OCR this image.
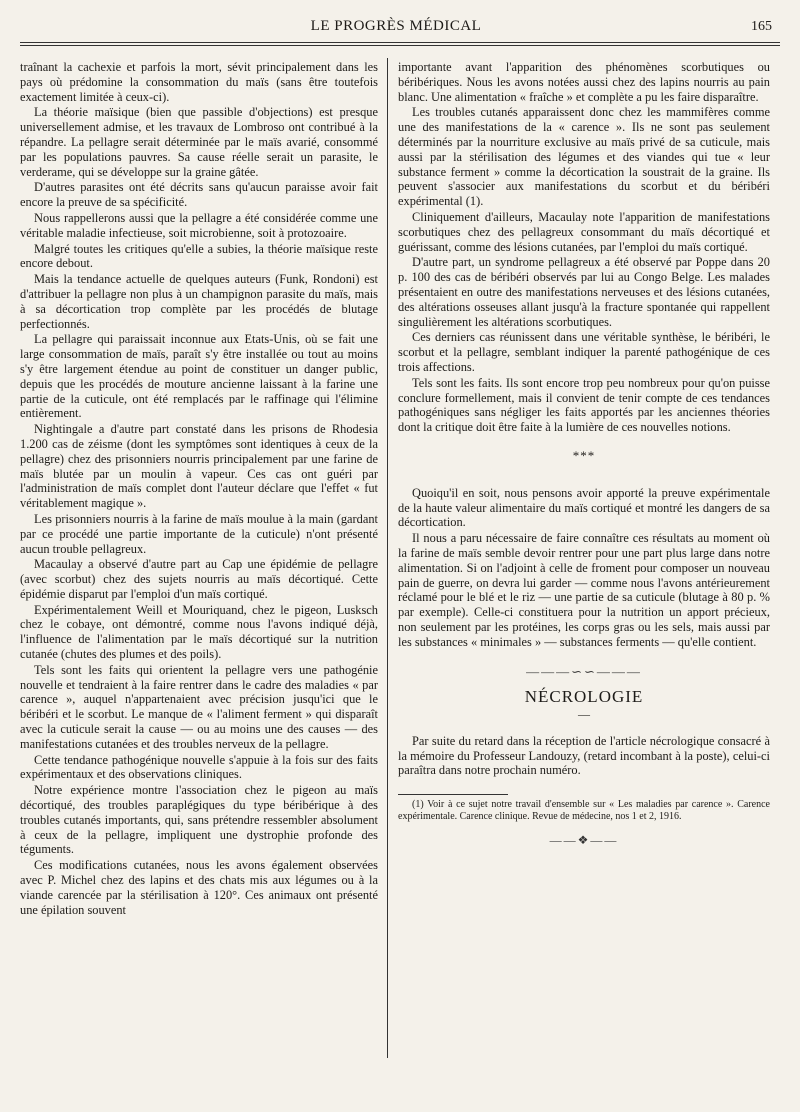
LE PROGRÈS MÉDICAL	165

traînant la cachexie et parfois la mort, sévit principalement dans les pays où prédomine la consommation du maïs (sans être toutefois exactement limitée à ceux-ci).

La théorie maïsique (bien que passible d'objections) est presque universellement admise, et les travaux de Lombroso ont contribué à la répandre. La pellagre serait déterminée par le maïs avarié, consommé par les populations pauvres. Sa cause réelle serait un parasite, le verderame, qui se développe sur la graine gâtée.

D'autres parasites ont été décrits sans qu'aucun paraisse avoir fait encore la preuve de sa spécificité.

Nous rappellerons aussi que la pellagre a été considérée comme une véritable maladie infectieuse, soit microbienne, soit à protozoaire.

Malgré toutes les critiques qu'elle a subies, la théorie maïsique reste encore debout.

Mais la tendance actuelle de quelques auteurs (Funk, Rondoni) est d'attribuer la pellagre non plus à un champignon parasite du maïs, mais à sa décortication trop complète par les procédés de blutage perfectionnés.

La pellagre qui paraissait inconnue aux Etats-Unis, où se fait une large consommation de maïs, paraît s'y être installée ou tout au moins s'y être largement étendue au point de constituer un danger public, depuis que les procédés de mouture ancienne laissant à la farine une partie de la cuticule, ont été remplacés par le raffinage qui l'élimine entièrement.

Nightingale a d'autre part constaté dans les prisons de Rhodesia 1.200 cas de zéisme (dont les symptômes sont identiques à ceux de la pellagre) chez des prisonniers nourris principalement par une farine de maïs blutée par un moulin à vapeur. Ces cas ont guéri par l'administration de maïs complet dont l'auteur déclare que l'effet « fut véritablement magique ».

Les prisonniers nourris à la farine de maïs moulue à la main (gardant par ce procédé une partie importante de la cuticule) n'ont présenté aucun trouble pellagreux.

Macaulay a observé d'autre part au Cap une épidémie de pellagre (avec scorbut) chez des sujets nourris au maïs décortiqué. Cette épidémie disparut par l'emploi d'un maïs cortiqué.

Expérimentalement Weill et Mouriquand, chez le pigeon, Lusksch chez le cobaye, ont démontré, comme nous l'avons indiqué déjà, l'influence de l'alimentation par le maïs décortiqué sur la nutrition cutanée (chutes des plumes et des poils).

Tels sont les faits qui orientent la pellagre vers une pathogénie nouvelle et tendraient à la faire rentrer dans le cadre des maladies « par carence », auquel n'appartenaient avec précision jusqu'ici que le béribéri et le scorbut. Le manque de « l'aliment ferment » qui disparaît avec la cuticule serait la cause — ou au moins une des causes — des manifestations cutanées et des troubles nerveux de la pellagre.

Cette tendance pathogénique nouvelle s'appuie à la fois sur des faits expérimentaux et des observations cliniques.

Notre expérience montre l'association chez le pigeon au maïs décortiqué, des troubles paraplégiques du type béribérique à des troubles cutanés importants, qui, sans prétendre ressembler absolument à ceux de la pellagre, impliquent une dystrophie profonde des téguments.

Ces modifications cutanées, nous les avons également observées avec P. Michel chez des lapins et des chats mis aux légumes ou à la viande carencée par la stérilisation à 120°. Ces animaux ont présenté une épilation souvent

importante avant l'apparition des phénomènes scorbutiques ou béribériques. Nous les avons notées aussi chez des lapins nourris au pain blanc. Une alimentation « fraîche » et complète a pu les faire disparaître.

Les troubles cutanés apparaissent donc chez les mammifères comme une des manifestations de la « carence ». Ils ne sont pas seulement déterminés par la nourriture exclusive au maïs privé de sa cuticule, mais aussi par la stérilisation des légumes et des viandes qui tue « leur substance ferment » comme la décortication la soustrait de la graine. Ils peuvent s'associer aux manifestations du scorbut et du béribéri expérimental (1).

Cliniquement d'ailleurs, Macaulay note l'apparition de manifestations scorbutiques chez des pellagreux consommant du maïs décortiqué et guérissant, comme des lésions cutanées, par l'emploi du maïs cortiqué.

D'autre part, un syndrome pellagreux a été observé par Poppe dans 20 p. 100 des cas de béribéri observés par lui au Congo Belge. Les malades présentaient en outre des manifestations nerveuses et des lésions cutanées, des altérations osseuses allant jusqu'à la fracture spontanée qui rappellent singulièrement les altérations scorbutiques.

Ces derniers cas réunissent dans une véritable synthèse, le béribéri, le scorbut et la pellagre, semblant indiquer la parenté pathogénique de ces trois affections.

Tels sont les faits. Ils sont encore trop peu nombreux pour qu'on puisse conclure formellement, mais il convient de tenir compte de ces tendances pathogéniques sans négliger les faits apportés par les anciennes théories dont la critique doit être faite à la lumière de ces nouvelles notions.

***

Quoiqu'il en soit, nous pensons avoir apporté la preuve expérimentale de la haute valeur alimentaire du maïs cortiqué et montré les dangers de sa décortication.

Il nous a paru nécessaire de faire connaître ces résultats au moment où la farine de maïs semble devoir rentrer pour une part plus large dans notre alimentation. Si on l'adjoint à celle de froment pour composer un nouveau pain de guerre, on devra lui garder — comme nous l'avons antérieurement réclamé pour le blé et le riz — une partie de sa cuticule (blutage à 80 p. % par exemple). Celle-ci constituera pour la nutrition un apport précieux, non seulement par les protéines, les corps gras ou les sels, mais aussi par les substances « minimales » — substances ferments — qu'elle contient.

———∽∽———
NÉCROLOGIE
—

Par suite du retard dans la réception de l'article nécrologique consacré à la mémoire du Professeur Landouzy, (retard incombant à la poste), celui-ci paraîtra dans notre prochain numéro.

(1) Voir à ce sujet notre travail d'ensemble sur « Les maladies par carence ». Carence expérimentale. Carence clinique. Revue de médecine, nos 1 et 2, 1916.

——❖——
